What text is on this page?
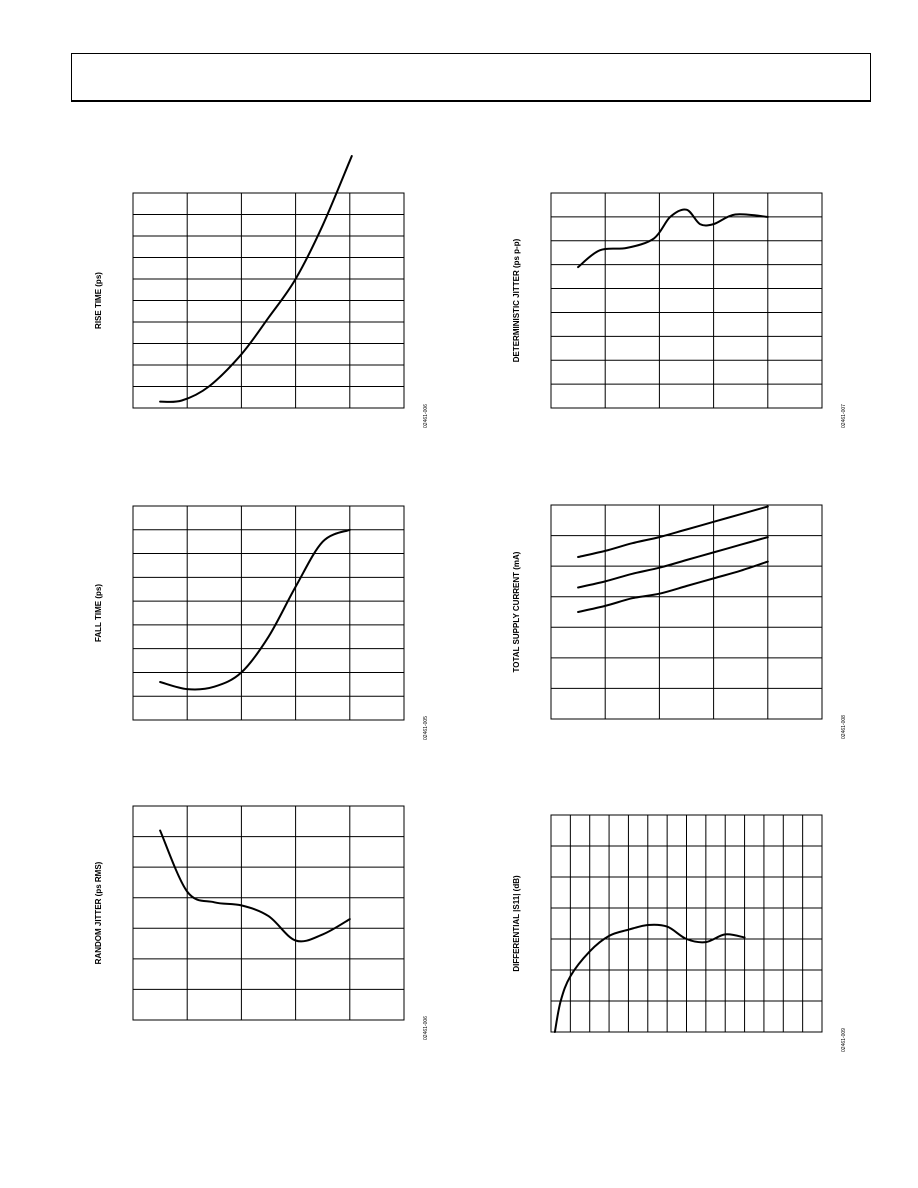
RISE TIME (ps)
02461-006
DETERMINISTIC JITTER (ps p-p)
02461-007
FALL TIME (ps)
02461-005
TOTAL SUPPLY CURRENT (mA)
02461-008
RANDOM JITTER (ps RMS)
02461-006
DIFFERENTIAL |S11| (dB)
02461-009
